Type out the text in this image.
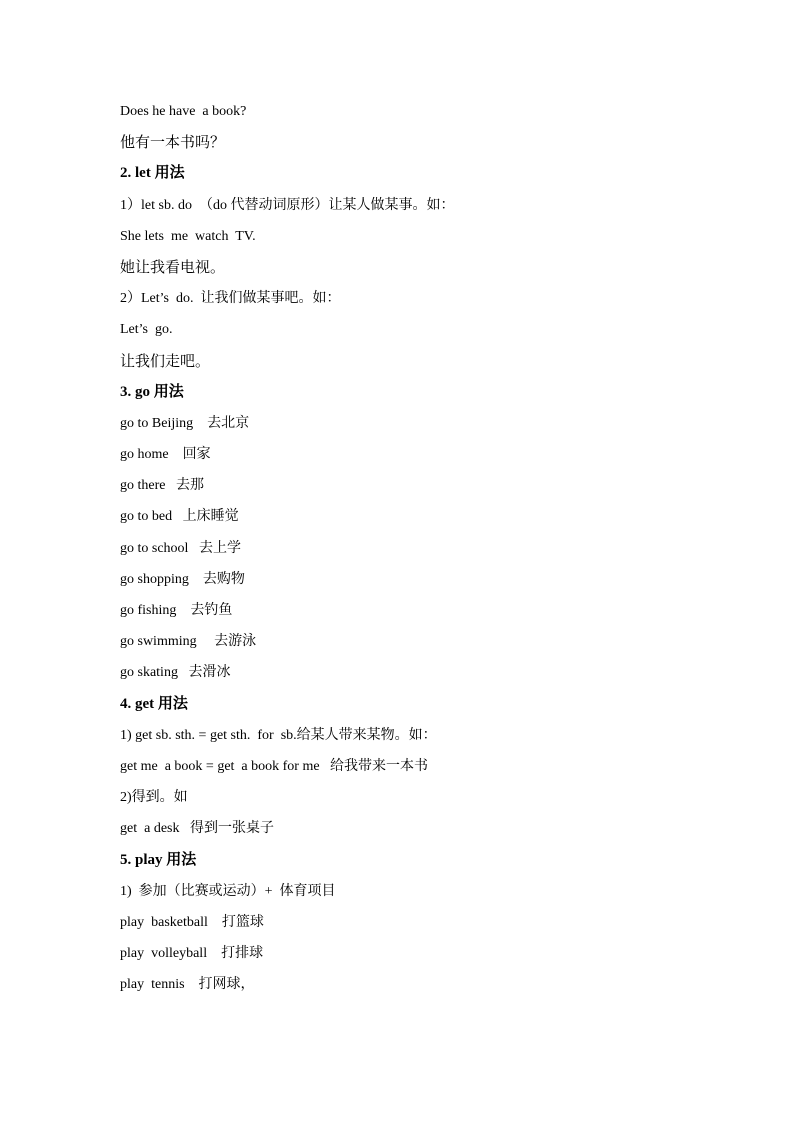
Does he have  a book?
他有一本书吗？
2. let 用法
1）let sb. do  （do 代替动词原形）让某人做某事。如：
She lets  me  watch  TV.
她让我看电视。
2）Let’s  do.  让我们做某事吧。如：
Let’s  go.
让我们走吧。
3. go 用法
go to Beijing    去北京
go home    回家
go there   去那
go to bed   上床睡觉
go to school   去上学
go shopping    去购物
go fishing    去钓鱼
go swimming     去游泳
go skating   去滑冰
4. get 用法
1) get sb. sth. = get sth.  for  sb.给某人带来某物。如：
get me  a book = get  a book for me   给我带来一本书
2)得到。如
get  a desk   得到一张桌子
5. play 用法
1)  参加（比赛或运动）+  体育项目
play  basketball    打篮球
play  volleyball    打排球
play  tennis    打网球，
